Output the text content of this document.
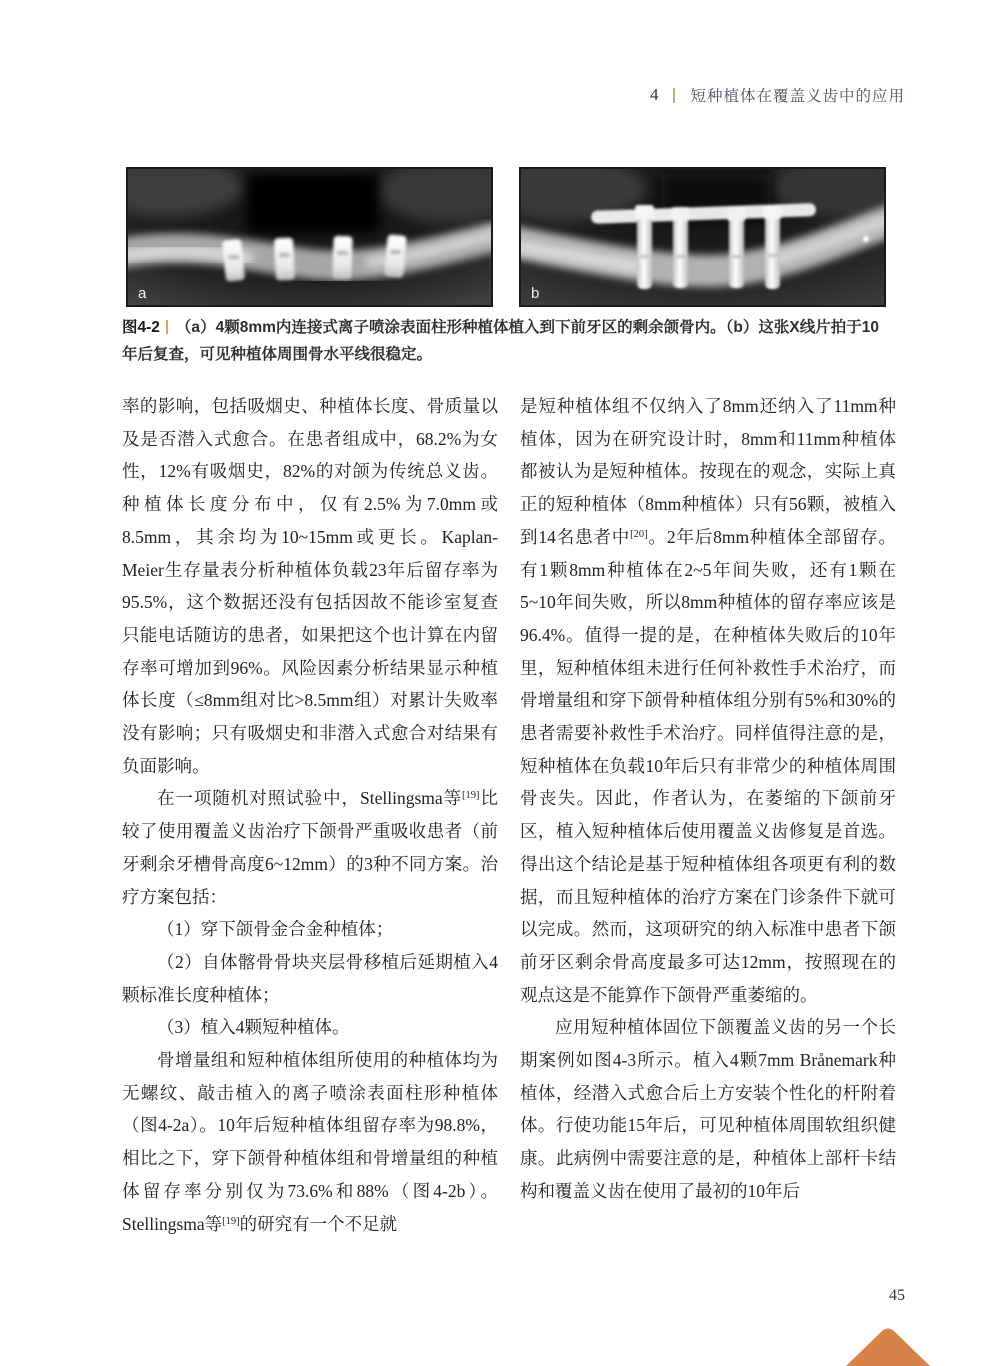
4 短种植体在覆盖义齿中的应用
a	b

图4-2 （a）4颗8mm内连接式离子喷涂表面柱形种植体植入到下前牙区的剩余颌骨内。（b）这张X线片拍于10年后复查，可见种植体周围骨水平线很稳定。

率的影响，包括吸烟史、种植体长度、骨质量以及是否潜入式愈合。在患者组成中，68.2%为女性，12%有吸烟史，82%的对颌为传统总义齿。种植体长度分布中，仅有2.5%为7.0mm或8.5mm，其余均为10~15mm或更长。Kaplan-Meier生存量表分析种植体负载23年后留存率为95.5%，这个数据还没有包括因故不能诊室复查只能电话随访的患者，如果把这个也计算在内留存率可增加到96%。风险因素分析结果显示种植体长度（≤8mm组对比>8.5mm组）对累计失败率没有影响；只有吸烟史和非潜入式愈合对结果有负面影响。

在一项随机对照试验中，Stellingsma等[19]比较了使用覆盖义齿治疗下颌骨严重吸收患者（前牙剩余牙槽骨高度6~12mm）的3种不同方案。治疗方案包括：

（1）穿下颌骨金合金种植体；

（2）自体髂骨骨块夹层骨移植后延期植入4颗标准长度种植体；

（3）植入4颗短种植体。

骨增量组和短种植体组所使用的种植体均为无螺纹、敲击植入的离子喷涂表面柱形种植体（图4-2a）。10年后短种植体组留存率为98.8%，相比之下，穿下颌骨种植体组和骨增量组的种植体留存率分别仅为73.6%和88%（图4-2b）。Stellingsma等[19]的研究有一个不足就

是短种植体组不仅纳入了8mm还纳入了11mm种植体，因为在研究设计时，8mm和11mm种植体都被认为是短种植体。按现在的观念，实际上真正的短种植体（8mm种植体）只有56颗，被植入到14名患者中[20]。2年后8mm种植体全部留存。有1颗8mm种植体在2~5年间失败，还有1颗在5~10年间失败，所以8mm种植体的留存率应该是96.4%。值得一提的是，在种植体失败后的10年里，短种植体组未进行任何补救性手术治疗，而骨增量组和穿下颌骨种植体组分别有5%和30%的患者需要补救性手术治疗。同样值得注意的是，短种植体在负载10年后只有非常少的种植体周围骨丧失。因此，作者认为，在萎缩的下颌前牙区，植入短种植体后使用覆盖义齿修复是首选。得出这个结论是基于短种植体组各项更有利的数据，而且短种植体的治疗方案在门诊条件下就可以完成。然而，这项研究的纳入标准中患者下颌前牙区剩余骨高度最多可达12mm，按照现在的观点这是不能算作下颌骨严重萎缩的。

应用短种植体固位下颌覆盖义齿的另一个长期案例如图4-3所示。植入4颗7mm Brånemark种植体，经潜入式愈合后上方安装个性化的杆附着体。行使功能15年后，可见种植体周围软组织健康。此病例中需要注意的是，种植体上部杆卡结构和覆盖义齿在使用了最初的10年后

45
